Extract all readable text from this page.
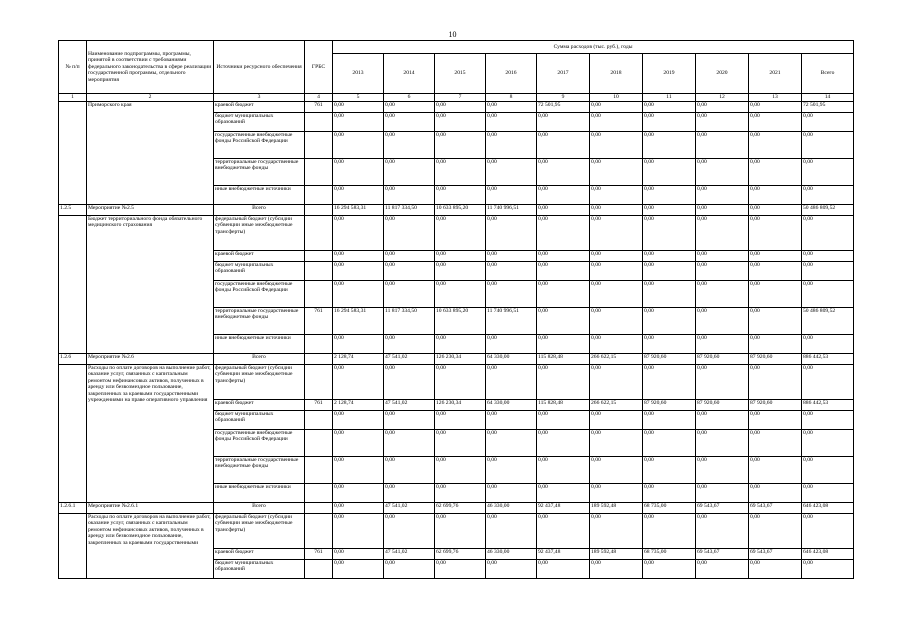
10
№ п/п	Наименование подпрограммы, программы, принятой в соответствии с требованиями федерального законодательства в сфере реализации государственной программы, отдельного мероприятия	Источники ресурсного обеспечения	ГРБС	Сумма расходов (тыс. руб.), годы									
				2013	2014	2015	2016	2017	2018	2019	2020	2021	Всего
1	2	3	4	5	6	7	8	9	10	11	12	13	14
	Приморского края	краевой бюджет	761	0,00	0,00	0,00	0,00	72 501,95	0,00	0,00	0,00	0,00	72 501,95
		бюджет муниципальных образований		0,00	0,00	0,00	0,00	0,00	0,00	0,00	0,00	0,00	0,00
		государственные внебюджетные фонды Российской Федерации		0,00	0,00	0,00	0,00	0,00	0,00	0,00	0,00	0,00	0,00
		территориальные государственные внебюджетные фонды		0,00	0,00	0,00	0,00	0,00	0,00	0,00	0,00	0,00	0,00
		иные внебюджетные источники		0,00	0,00	0,00	0,00	0,00	0,00	0,00	0,00	0,00	0,00
1.2.5	Мероприятие №2.5	Всего		16 294 583,31	11 817 334,50	10 633 895,20	11 740 996,51	0,00	0,00	0,00	0,00	0,00	50 486 809,52
	Бюджет территориального фонда обязательного медицинского страхования	федеральный бюджет (субсидии субвенции иные межбюджетные трансферты)		0,00	0,00	0,00	0,00	0,00	0,00	0,00	0,00	0,00	0,00
		краевой бюджет		0,00	0,00	0,00	0,00	0,00	0,00	0,00	0,00	0,00	0,00
		бюджет муниципальных образований		0,00	0,00	0,00	0,00	0,00	0,00	0,00	0,00	0,00	0,00
		государственные внебюджетные фонды Российской Федерации		0,00	0,00	0,00	0,00	0,00	0,00	0,00	0,00	0,00	0,00
		территориальные государственные внебюджетные фонды	761	16 294 583,31	11 817 334,50	10 633 895,20	11 740 996,51	0,00	0,00	0,00	0,00	0,00	50 486 809,52
		иные внебюджетные источники		0,00	0,00	0,00	0,00	0,00	0,00	0,00	0,00	0,00	0,00
1.2.6	Мероприятие №2.6	Всего		2 128,74	47 541,02	126 230,34	64 330,00	115 828,48	266 622,15	87 920,60	87 920,60	87 920,60	886 442,53
	Расходы по оплате договоров на выполнение работ, оказание услуг, связанных с капитальным ремонтом нефинансовых активов, полученных в аренду или безвозмездное пользование, закрепленных за краевыми государственными учреждениями на праве оперативного управления	федеральный бюджет (субсидии субвенции иные межбюджетные трансферты)		0,00	0,00	0,00	0,00	0,00	0,00	0,00	0,00	0,00	0,00
		краевой бюджет	761	2 128,74	47 541,02	126 230,34	64 330,00	115 828,48	266 622,15	87 920,60	87 920,60	87 920,60	886 442,53
		бюджет муниципальных образований		0,00	0,00	0,00	0,00	0,00	0,00	0,00	0,00	0,00	0,00
		государственные внебюджетные фонды Российской Федерации		0,00	0,00	0,00	0,00	0,00	0,00	0,00	0,00	0,00	0,00
		территориальные государственные внебюджетные фонды		0,00	0,00	0,00	0,00	0,00	0,00	0,00	0,00	0,00	0,00
		иные внебюджетные источники		0,00	0,00	0,00	0,00	0,00	0,00	0,00	0,00	0,00	0,00
1.2.6.1	Мероприятие №2.6.1	Всего		0,00	47 541,02	62 699,76	46 330,00	92 437,48	189 592,48	68 735,00	69 543,67	69 543,67	646 423,08
	Расходы по оплате договоров на выполнение работ, оказание услуг, связанных с капитальным ремонтом нефинансовых активов, полученных в аренду или безвозмездное пользование, закрепленных за краевыми государственными	федеральный бюджет (субсидии субвенции иные межбюджетные трансферты)		0,00	0,00	0,00	0,00	0,00	0,00	0,00	0,00	0,00	0,00
		краевой бюджет	761	0,00	47 541,02	62 699,76	46 330,00	92 437,48	189 592,48	68 735,00	69 543,67	69 543,67	646 423,08
		бюджет муниципальных образований		0,00	0,00	0,00	0,00	0,00	0,00	0,00	0,00	0,00	0,00
